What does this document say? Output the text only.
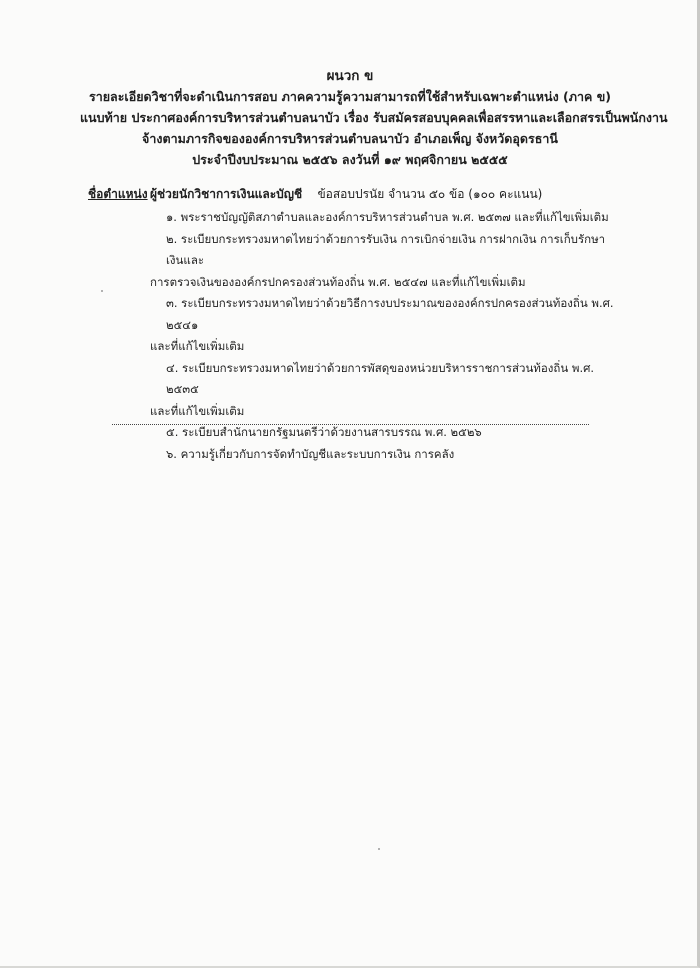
ผนวก ข
รายละเอียดวิชาที่จะดำเนินการสอบ ภาคความรู้ความสามารถที่ใช้สำหรับเฉพาะตำแหน่ง (ภาค ข)
แนบท้าย ประกาศองค์การบริหารส่วนตำบลนาบัว เรื่อง รับสมัครสอบบุคคลเพื่อสรรหาและเลือกสรรเป็นพนักงาน
จ้างตามภารกิจขององค์การบริหารส่วนตำบลนาบัว อำเภอเพ็ญ จังหวัดอุดรธานี
ประจำปีงบประมาณ ๒๕๕๖ ลงวันที่ ๑๙ พฤศจิกายน ๒๕๕๕
ชื่อตำแหน่ง ผู้ช่วยนักวิชาการเงินและบัญชี ข้อสอบปรนัย จำนวน ๕๐ ข้อ (๑๐๐ คะแนน)
๑. พระราชบัญญัติสภาตำบลและองค์การบริหารส่วนตำบล พ.ศ. ๒๕๓๗ และที่แก้ไขเพิ่มเติม
๒. ระเบียบกระทรวงมหาดไทยว่าด้วยการรับเงิน การเบิกจ่ายเงิน การฝากเงิน การเก็บรักษาเงินและ
การตรวจเงินขององค์กรปกครองส่วนท้องถิ่น พ.ศ. ๒๕๔๗ และที่แก้ไขเพิ่มเติม
๓. ระเบียบกระทรวงมหาดไทยว่าด้วยวิธีการงบประมาณขององค์กรปกครองส่วนท้องถิ่น พ.ศ. ๒๕๔๑
และที่แก้ไขเพิ่มเติม
๔. ระเบียบกระทรวงมหาดไทยว่าด้วยการพัสดุของหน่วยบริหารราชการส่วนท้องถิ่น พ.ศ. ๒๕๓๕
และที่แก้ไขเพิ่มเติม
๕. ระเบียบสำนักนายกรัฐมนตรีว่าด้วยงานสารบรรณ พ.ศ. ๒๕๒๖
๖. ความรู้เกี่ยวกับการจัดทำบัญชีและระบบการเงิน การคลัง
